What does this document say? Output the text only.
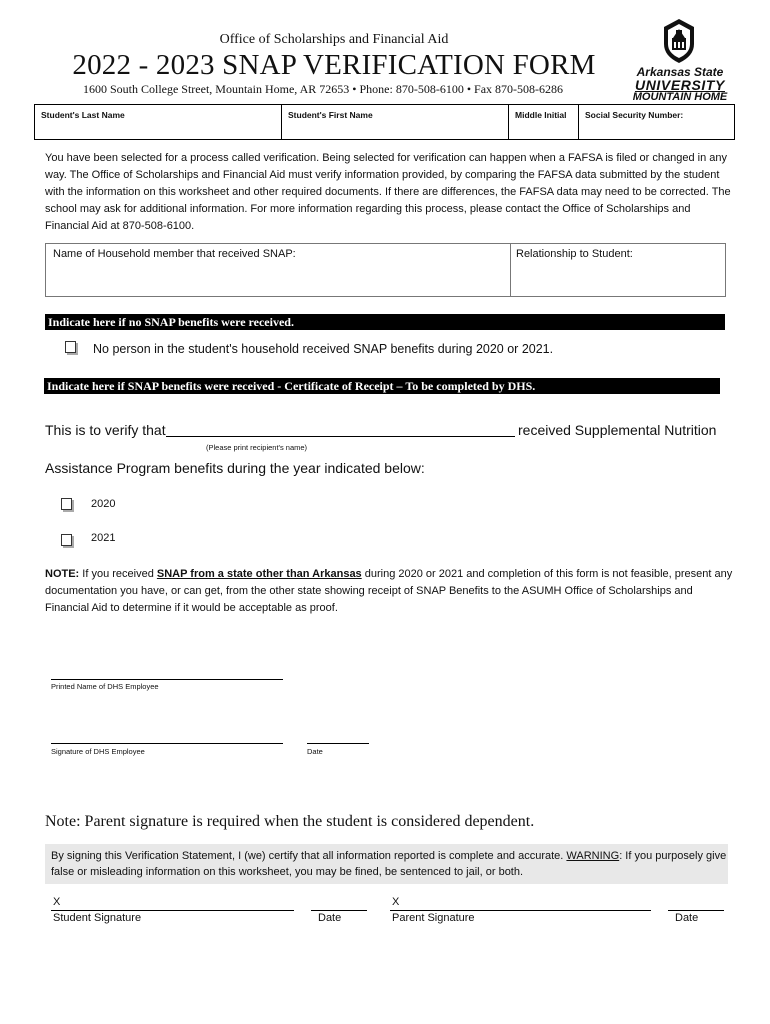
Office of Scholarships and Financial Aid
2022 - 2023 SNAP VERIFICATION FORM
1600 South College Street, Mountain Home, AR 72653 • Phone: 870-508-6100 • Fax 870-508-6286
Arkansas State
UNIVERSITY
MOUNTAIN HOME
Student's Last Name	Student's First Name	Middle Initial	Social Security Number:
You have been selected for a process called verification. Being selected for verification can happen when a FAFSA is filed or changed in any way. The Office of Scholarships and Financial Aid must verify information provided, by comparing the FAFSA data submitted by the student with the information on this worksheet and other required documents. If there are differences, the FAFSA data may need to be corrected. The school may ask for additional information. For more information regarding this process, please contact the Office of Scholarships and Financial Aid at 870-508-6100.
Name of Household member that received SNAP:	Relationship to Student:
Indicate here if no SNAP benefits were received.
No person in the student's household received SNAP benefits during 2020 or 2021.
Indicate here if SNAP benefits were received - Certificate of Receipt – To be completed by DHS.
This is to verify that	received Supplemental Nutrition
(Please print recipient's name)
Assistance Program benefits during the year indicated below:
2020
2021
NOTE: If you received SNAP from a state other than Arkansas during 2020 or 2021 and completion of this form is not feasible, present any documentation you have, or can get, from the other state showing receipt of SNAP Benefits to the ASUMH Office of Scholarships and Financial Aid to determine if it would be acceptable as proof.
Printed Name of DHS Employee
Signature of DHS Employee	Date
Note: Parent signature is required when the student is considered dependent.
By signing this Verification Statement, I (we) certify that all information reported is complete and accurate. WARNING: If you purposely give false or misleading information on this worksheet, you may be fined, be sentenced to jail, or both.
X
Student Signature	Date
X
Parent Signature	Date
